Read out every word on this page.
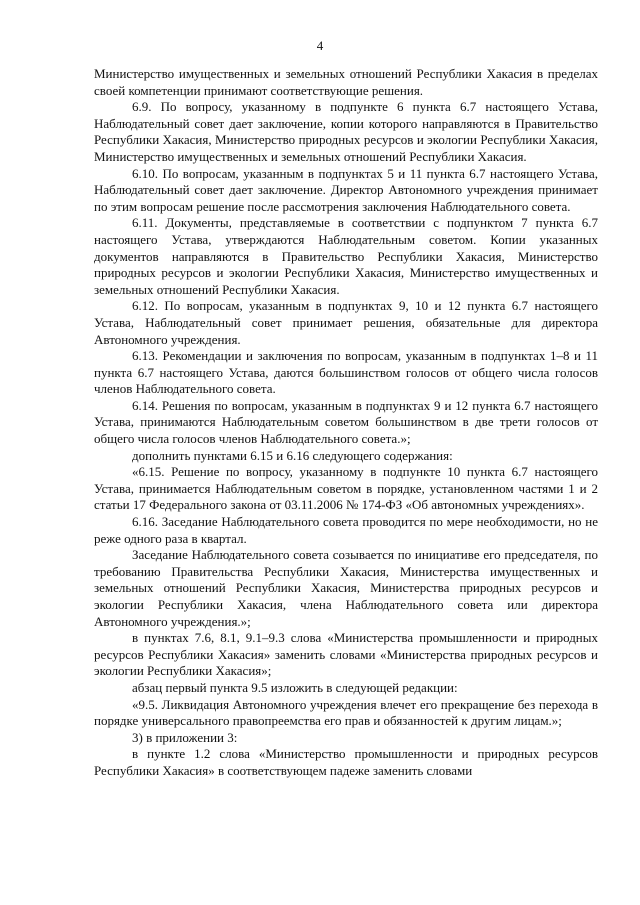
4

Министерство имущественных и земельных отношений Республики Хакасия в пределах своей компетенции принимают соответствующие решения.

6.9. По вопросу, указанному в подпункте 6 пункта 6.7 настоящего Устава, Наблюдательный совет дает заключение, копии которого направляются в Правительство Республики Хакасия, Министерство природных ресурсов и экологии Республики Хакасия, Министерство имущественных и земельных отношений Республики Хакасия.

6.10. По вопросам, указанным в подпунктах 5 и 11 пункта 6.7 настоящего Устава, Наблюдательный совет дает заключение. Директор Автономного учреждения принимает по этим вопросам решение после рассмотрения заключения Наблюдательного совета.

6.11. Документы, представляемые в соответствии с подпунктом 7 пункта 6.7 настоящего Устава, утверждаются Наблюдательным советом. Копии указанных документов направляются в Правительство Республики Хакасия, Министерство природных ресурсов и экологии Республики Хакасия, Министерство имущественных и земельных отношений Республики Хакасия.

6.12. По вопросам, указанным в подпунктах 9, 10 и 12 пункта 6.7 настоящего Устава, Наблюдательный совет принимает решения, обязательные для директора Автономного учреждения.

6.13. Рекомендации и заключения по вопросам, указанным в подпунктах 1–8 и 11 пункта 6.7 настоящего Устава, даются большинством голосов от общего числа голосов членов Наблюдательного совета.

6.14. Решения по вопросам, указанным в подпунктах 9 и 12 пункта 6.7 настоящего Устава, принимаются Наблюдательным советом большинством в две трети голосов от общего числа голосов членов Наблюдательного совета.»;

дополнить пунктами 6.15 и 6.16 следующего содержания:

«6.15. Решение по вопросу, указанному в подпункте 10 пункта 6.7 настоящего Устава, принимается Наблюдательным советом в порядке, установленном частями 1 и 2 статьи 17 Федерального закона от 03.11.2006 № 174-ФЗ «Об автономных учреждениях».

6.16. Заседание Наблюдательного совета проводится по мере необходимости, но не реже одного раза в квартал.

Заседание Наблюдательного совета созывается по инициативе его председателя, по требованию Правительства Республики Хакасия, Министерства имущественных и земельных отношений Республики Хакасия, Министерства природных ресурсов и экологии Республики Хакасия, члена Наблюдательного совета или директора Автономного учреждения.»;

в пунктах 7.6, 8.1, 9.1–9.3 слова «Министерства промышленности и природных ресурсов Республики Хакасия» заменить словами «Министерства природных ресурсов и экологии Республики Хакасия»;

абзац первый пункта 9.5 изложить в следующей редакции:

«9.5. Ликвидация Автономного учреждения влечет его прекращение без перехода в порядке универсального правопреемства его прав и обязанностей к другим лицам.»;

3) в приложении 3:

в пункте 1.2 слова «Министерство промышленности и природных ресурсов Республики Хакасия» в соответствующем падеже заменить словами
